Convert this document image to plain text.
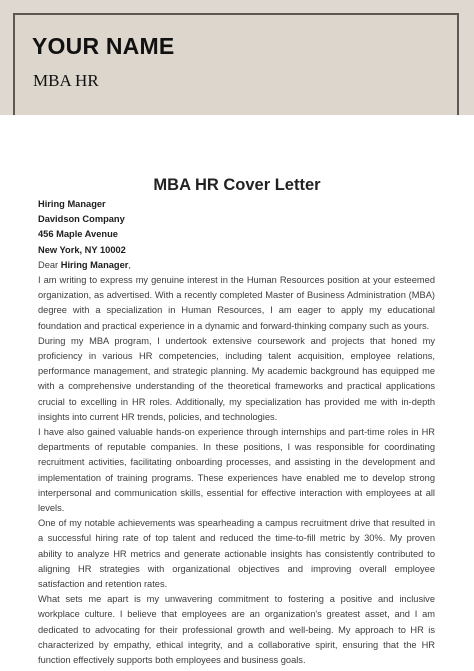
YOUR NAME
MBA HR
MBA HR Cover Letter
Hiring Manager
Davidson Company
456 Maple Avenue
New York, NY 10002
Dear Hiring Manager,
I am writing to express my genuine interest in the Human Resources position at your esteemed
organization, as advertised. With a recently completed Master of Business Administration (MBA)
degree with a specialization in Human Resources, I am eager to apply my educational
foundation and practical experience in a dynamic and forward-thinking company such as yours.
During my MBA program, I undertook extensive coursework and projects that honed my
proficiency in various HR competencies, including talent acquisition, employee relations,
performance management, and strategic planning. My academic background has equipped me
with a comprehensive understanding of the theoretical frameworks and practical applications
crucial to excelling in HR roles. Additionally, my specialization has provided me with in-depth
insights into current HR trends, policies, and technologies.
I have also gained valuable hands-on experience through internships and part-time roles in HR
departments of reputable companies. In these positions, I was responsible for coordinating
recruitment activities, facilitating onboarding processes, and assisting in the development and
implementation of training programs. These experiences have enabled me to develop strong
interpersonal and communication skills, essential for effective interaction with employees at all
levels.
One of my notable achievements was spearheading a campus recruitment drive that resulted in
a successful hiring rate of top talent and reduced the time-to-fill metric by 30%. My proven
ability to analyze HR metrics and generate actionable insights has consistently contributed to
aligning HR strategies with organizational objectives and improving overall employee
satisfaction and retention rates.
What sets me apart is my unwavering commitment to fostering a positive and inclusive
workplace culture. I believe that employees are an organization's greatest asset, and I am
dedicated to advocating for their professional growth and well-being. My approach to HR is
characterized by empathy, ethical integrity, and a collaborative spirit, ensuring that the HR
function effectively supports both employees and business goals.
